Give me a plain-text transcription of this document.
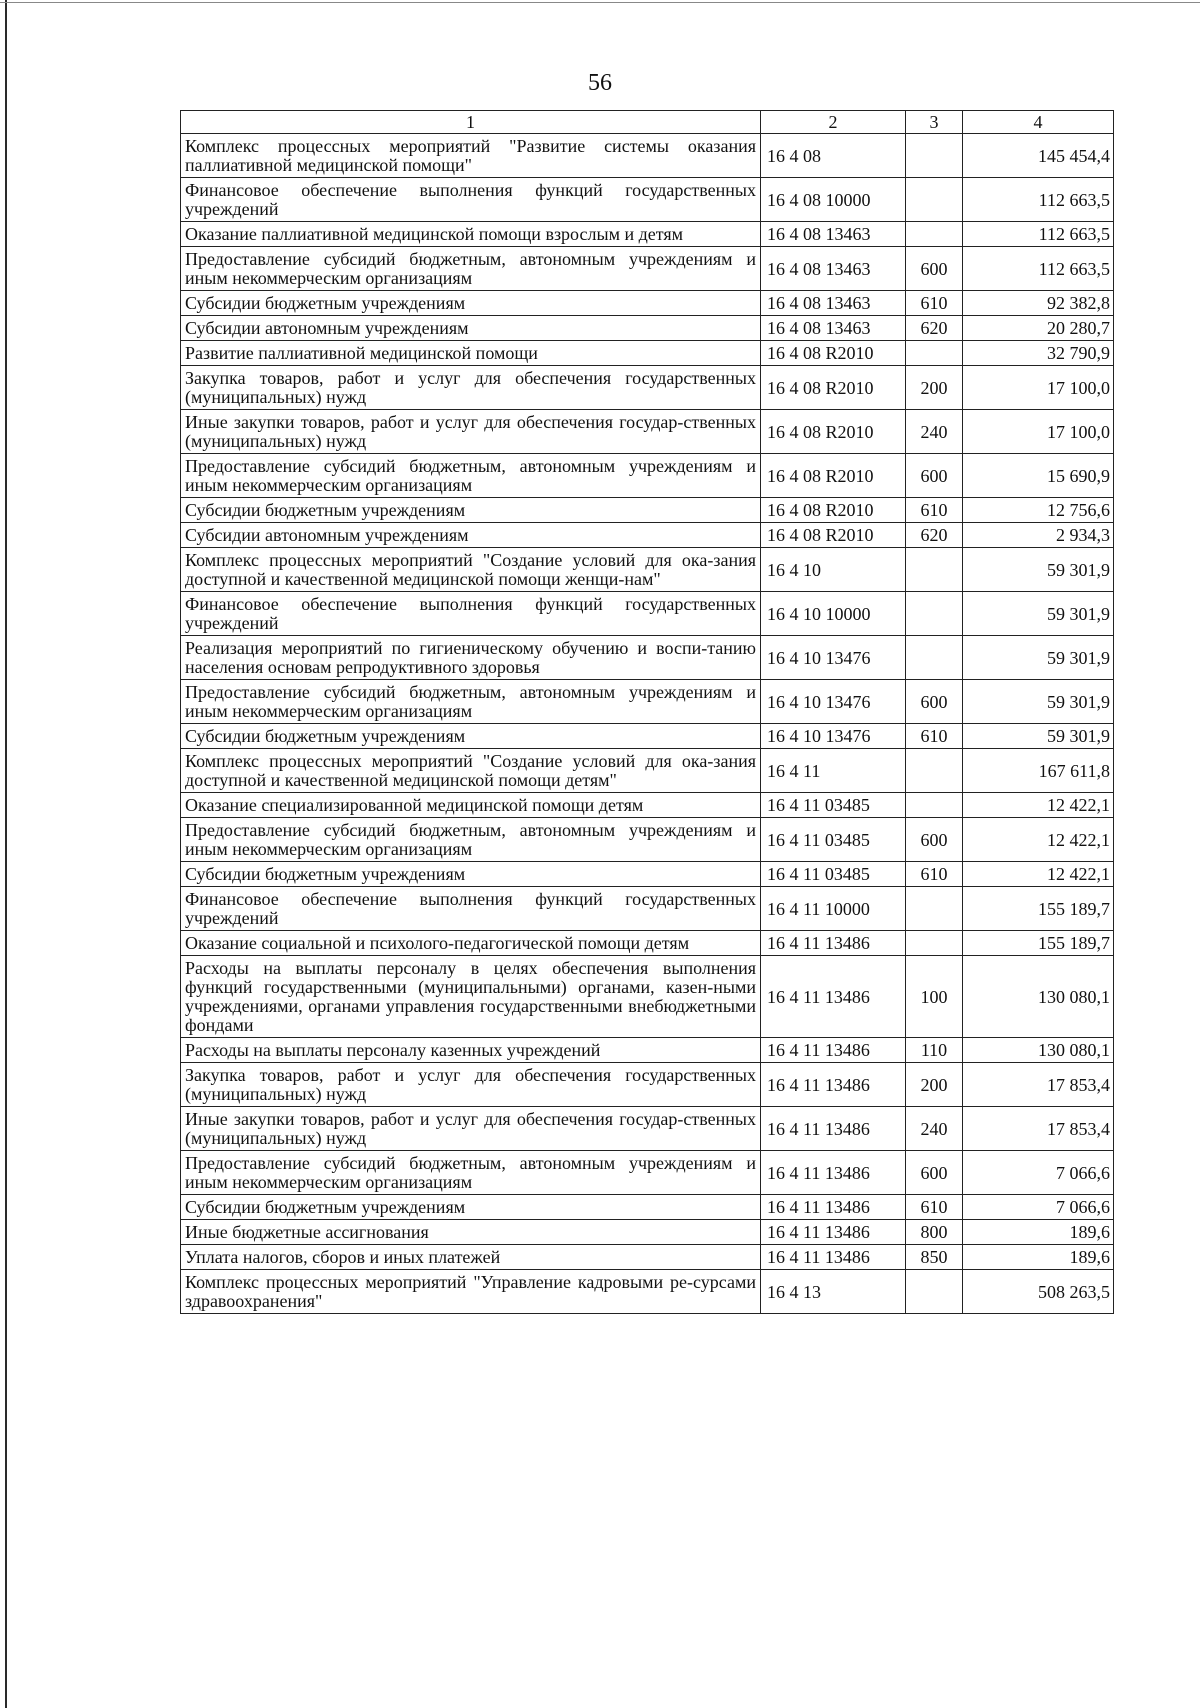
56
1	2	3	4
Комплекс процессных мероприятий "Развитие системы оказания паллиативной медицинской помощи"	16 4 08		145 454,4
Финансовое обеспечение выполнения функций государственных учреждений	16 4 08 10000		112 663,5
Оказание паллиативной медицинской помощи взрослым и детям	16 4 08 13463		112 663,5
Предоставление субсидий бюджетным, автономным учреждениям и иным некоммерческим организациям	16 4 08 13463	600	112 663,5
Субсидии бюджетным учреждениям	16 4 08 13463	610	92 382,8
Субсидии автономным учреждениям	16 4 08 13463	620	20 280,7
Развитие паллиативной медицинской помощи	16 4 08 R2010		32 790,9
Закупка товаров, работ и услуг для обеспечения государственных (муниципальных) нужд	16 4 08 R2010	200	17 100,0
Иные закупки товаров, работ и услуг для обеспечения государ-ственных (муниципальных) нужд	16 4 08 R2010	240	17 100,0
Предоставление субсидий бюджетным, автономным учреждениям и иным некоммерческим организациям	16 4 08 R2010	600	15 690,9
Субсидии бюджетным учреждениям	16 4 08 R2010	610	12 756,6
Субсидии автономным учреждениям	16 4 08 R2010	620	2 934,3
Комплекс процессных мероприятий "Создание условий для ока-зания доступной и качественной медицинской помощи женщи-нам"	16 4 10		59 301,9
Финансовое обеспечение выполнения функций государственных учреждений	16 4 10 10000		59 301,9
Реализация мероприятий по гигиеническому обучению и воспи-танию населения основам репродуктивного здоровья	16 4 10 13476		59 301,9
Предоставление субсидий бюджетным, автономным учреждениям и иным некоммерческим организациям	16 4 10 13476	600	59 301,9
Субсидии бюджетным учреждениям	16 4 10 13476	610	59 301,9
Комплекс процессных мероприятий "Создание условий для ока-зания доступной и качественной медицинской помощи детям"	16 4 11		167 611,8
Оказание специализированной медицинской помощи детям	16 4 11 03485		12 422,1
Предоставление субсидий бюджетным, автономным учреждениям и иным некоммерческим организациям	16 4 11 03485	600	12 422,1
Субсидии бюджетным учреждениям	16 4 11 03485	610	12 422,1
Финансовое обеспечение выполнения функций государственных учреждений	16 4 11 10000		155 189,7
Оказание социальной и психолого-педагогической помощи детям	16 4 11 13486		155 189,7
Расходы на выплаты персоналу в целях обеспечения выполнения функций государственными (муниципальными) органами, казен-ными учреждениями, органами управления государственными внебюджетными фондами	16 4 11 13486	100	130 080,1
Расходы на выплаты персоналу казенных учреждений	16 4 11 13486	110	130 080,1
Закупка товаров, работ и услуг для обеспечения государственных (муниципальных) нужд	16 4 11 13486	200	17 853,4
Иные закупки товаров, работ и услуг для обеспечения государ-ственных (муниципальных) нужд	16 4 11 13486	240	17 853,4
Предоставление субсидий бюджетным, автономным учреждениям и иным некоммерческим организациям	16 4 11 13486	600	7 066,6
Субсидии бюджетным учреждениям	16 4 11 13486	610	7 066,6
Иные бюджетные ассигнования	16 4 11 13486	800	189,6
Уплата налогов, сборов и иных платежей	16 4 11 13486	850	189,6
Комплекс процессных мероприятий "Управление кадровыми ре-сурсами здравоохранения"	16 4 13		508 263,5
